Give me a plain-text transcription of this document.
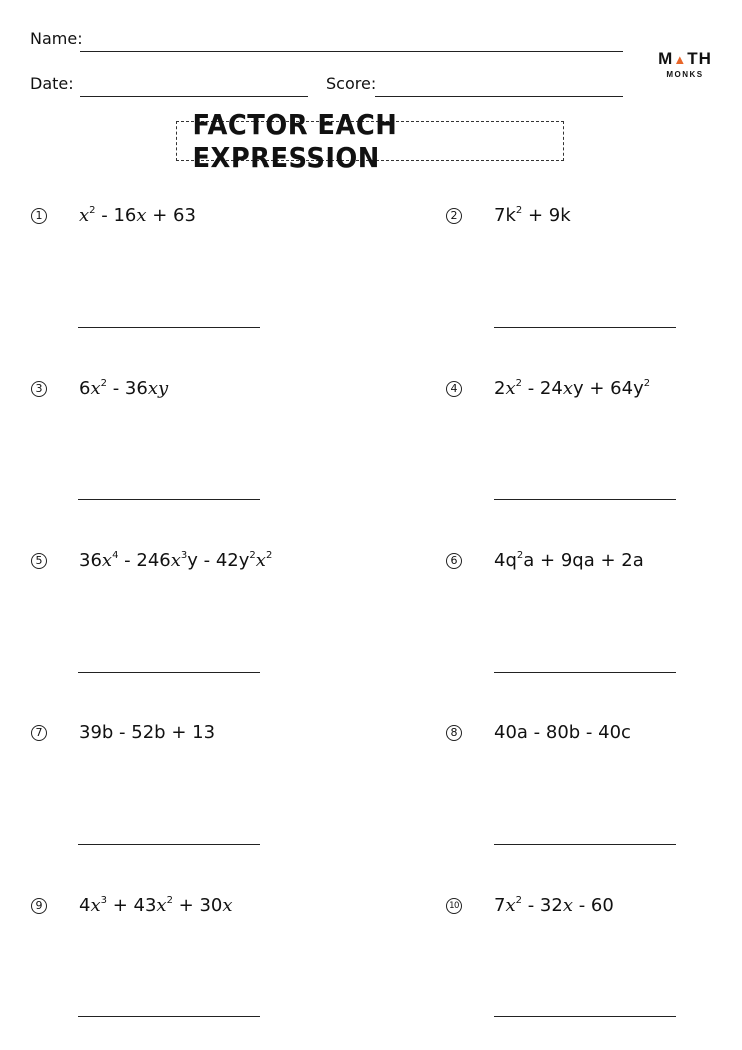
Name:
Date:	Score:
M▲TH
MONKS
FACTOR EACH EXPRESSION
1 $x^2 - 16x + 63$	2 $7k^2 + 9k$
3 $6x^2 - 36xy$	4 $2x^2 - 24xy + 64y^2$
5 $36x^4 - 246x^3y - 42y^2x^2$	6 $4q^2a + 9qa + 2a$
7 39b - 52b + 13	8 40a - 80b - 40c
9 $4x^3 + 43x^2 + 30x$	10 $7x^2 - 32x - 60$
